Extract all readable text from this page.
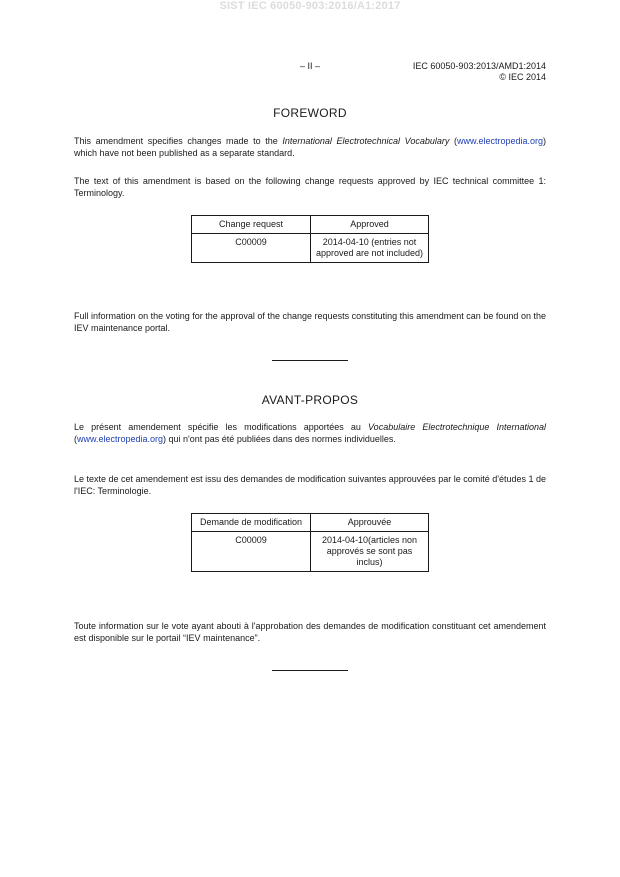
SIST IEC 60050-903:2016/A1:2017
– II –	IEC 60050-903:2013/AMD1:2014
© IEC 2014
FOREWORD
This amendment specifies changes made to the International Electrotechnical Vocabulary (www.electropedia.org) which have not been published as a separate standard.
The text of this amendment is based on the following change requests approved by IEC technical committee 1: Terminology.
Change request	Approved
C00009	2014-04-10 (entries not approved are not included)
Full information on the voting for the approval of the change requests constituting this amendment can be found on the IEV maintenance portal.
AVANT-PROPOS
Le présent amendement spécifie les modifications apportées au Vocabulaire Electrotechnique International (www.electropedia.org) qui n'ont pas été publiées dans des normes individuelles.
Le texte de cet amendement est issu des demandes de modification suivantes approuvées par le comité d'études 1 de l'IEC: Terminologie.
Demande de modification	Approuvée
C00009	2014-04-10(articles non approvés se sont pas inclus)
Toute information sur le vote ayant abouti à l'approbation des demandes de modification constituant cet amendement est disponible sur le portail “IEV maintenance”.
